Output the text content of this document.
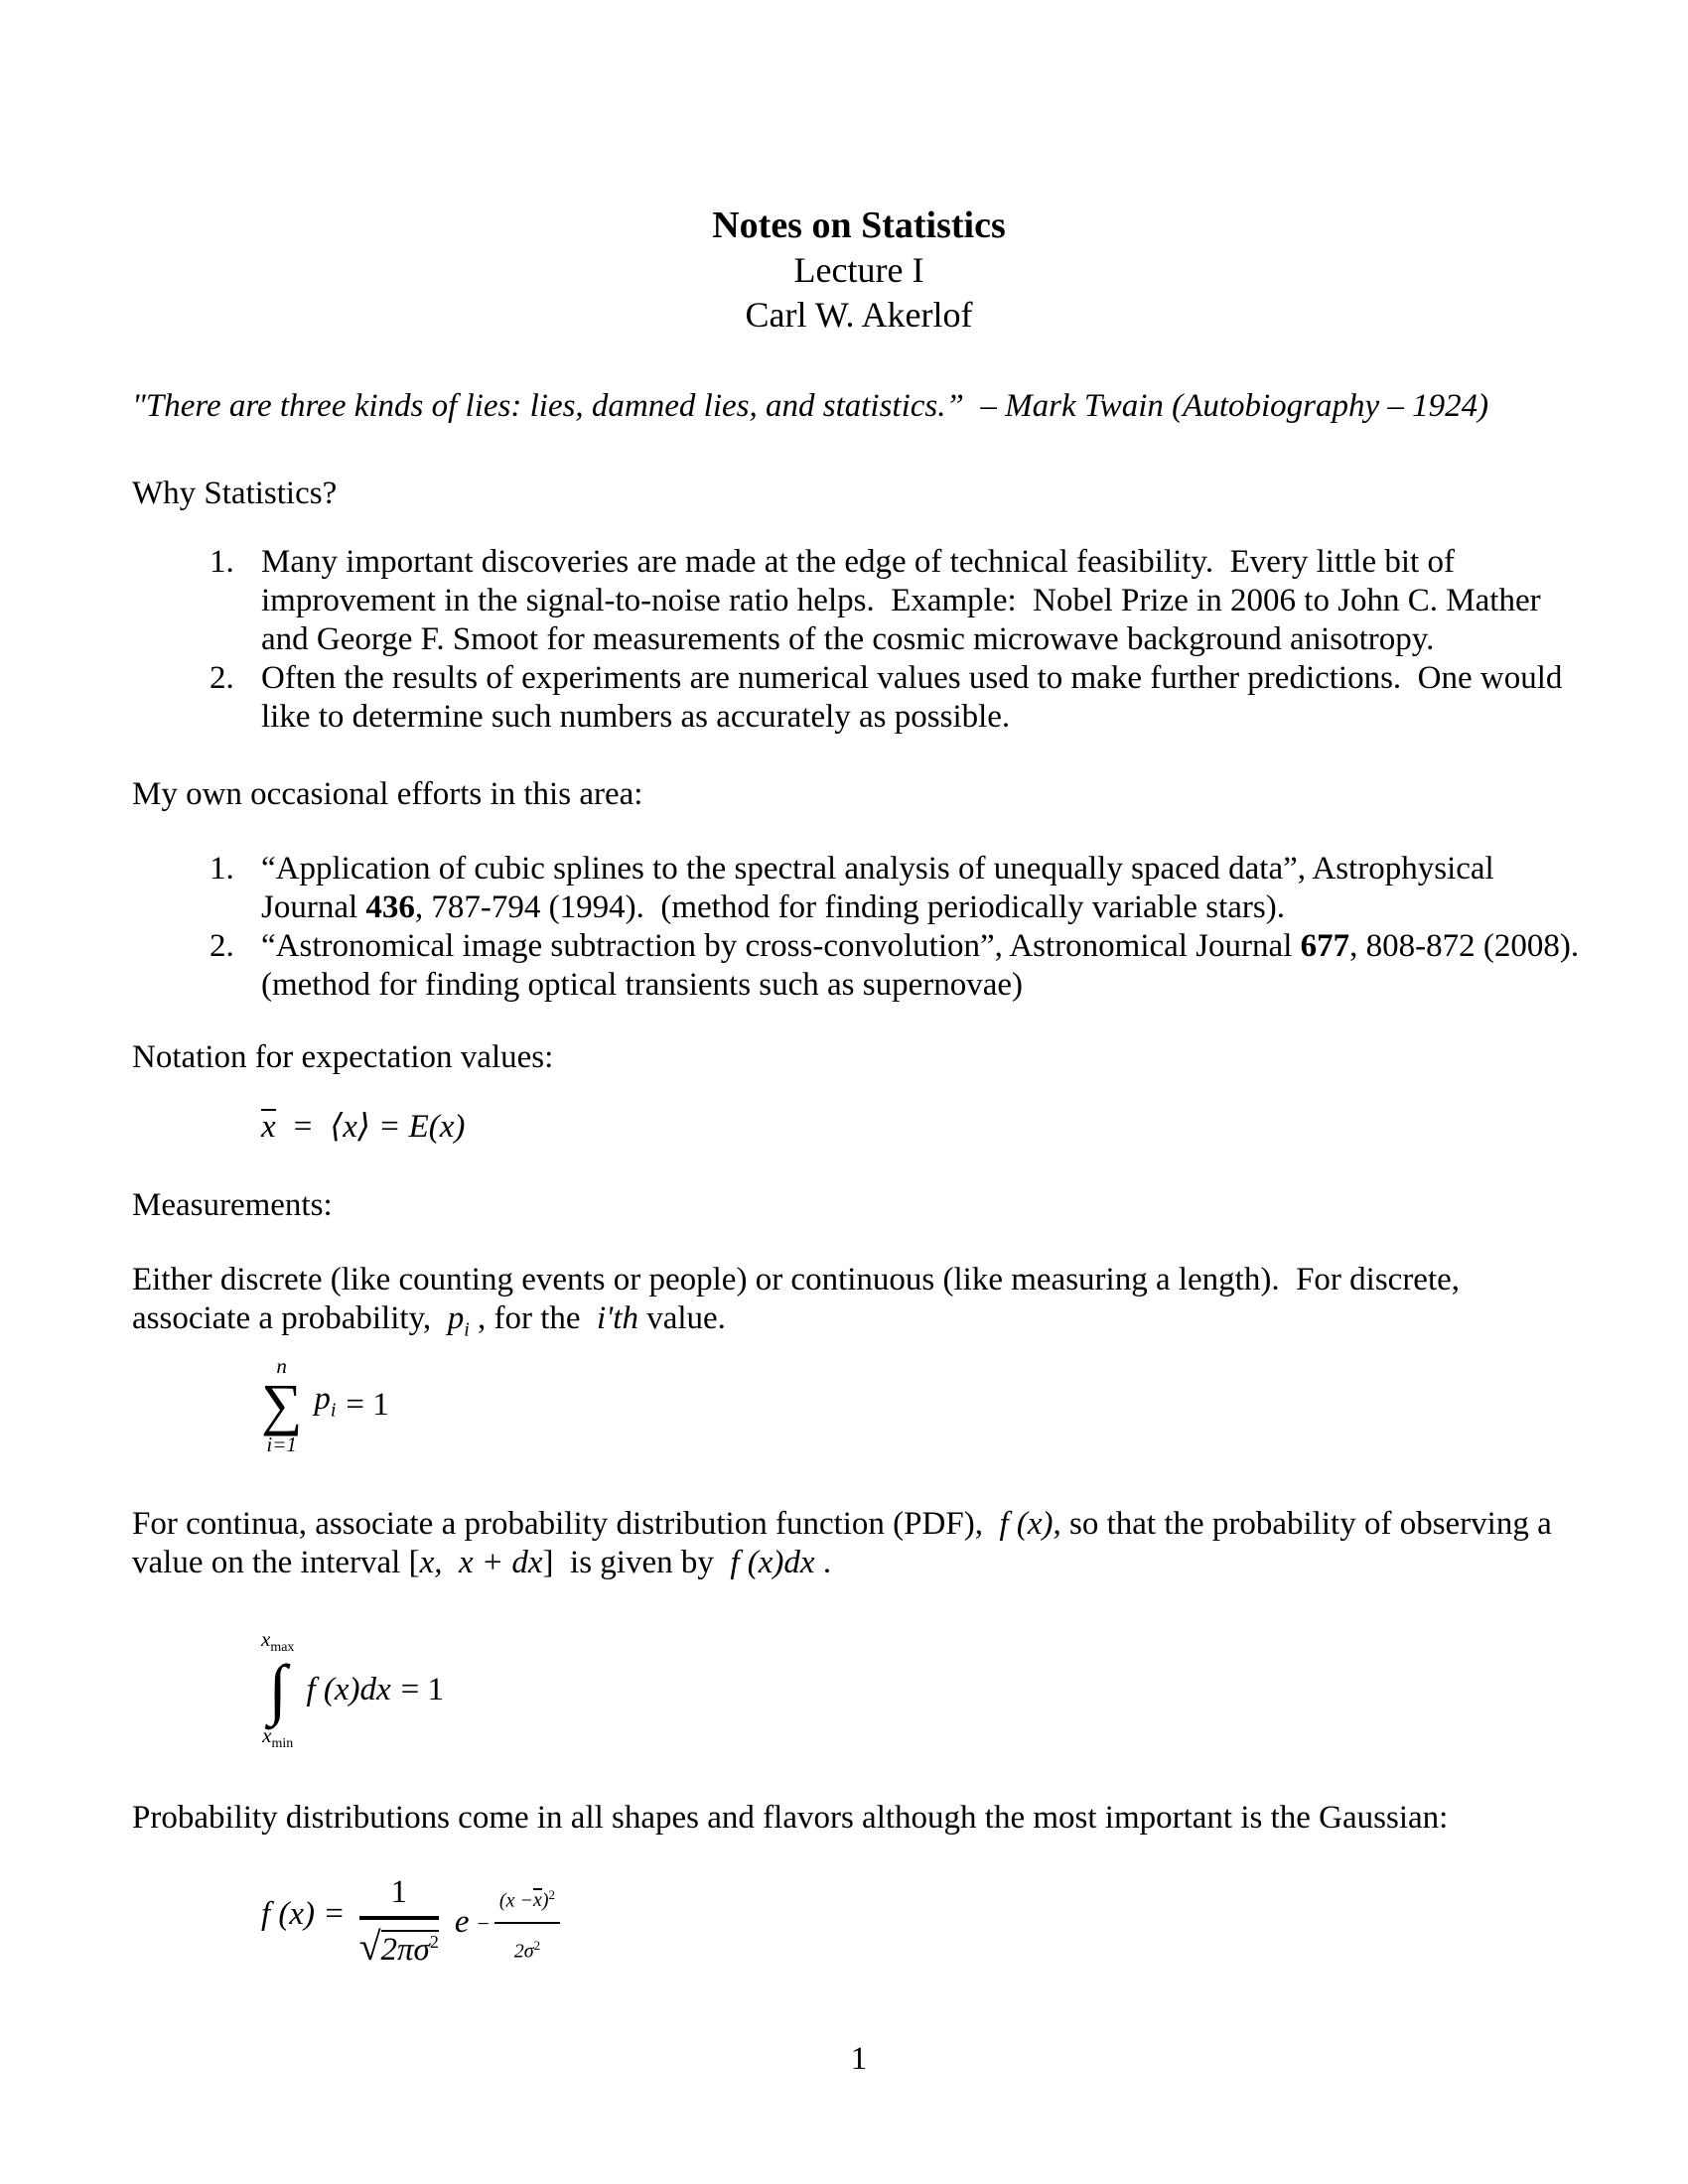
Notes on Statistics
Lecture I
Carl W. Akerlof
"There are three kinds of lies: lies, damned lies, and statistics.”  – Mark Twain (Autobiography – 1924)
Why Statistics?
1. Many important discoveries are made at the edge of technical feasibility.  Every little bit of improvement in the signal-to-noise ratio helps.  Example:  Nobel Prize in 2006 to John C. Mather and George F. Smoot for measurements of the cosmic microwave background anisotropy.
2. Often the results of experiments are numerical values used to make further predictions.  One would like to determine such numbers as accurately as possible.
My own occasional efforts in this area:
1. “Application of cubic splines to the spectral analysis of unequally spaced data”, Astrophysical Journal 436, 787-794 (1994).  (method for finding periodically variable stars).
2. “Astronomical image subtraction by cross-convolution”, Astronomical Journal 677, 808-872 (2008).  (method for finding optical transients such as supernovae)
Notation for expectation values:
x =  ⟨x⟩ = E(x)
Measurements:
Either discrete (like counting events or people) or continuous (like measuring a length).  For discrete, associate a probability,  $p_i$ , for the  i'th value.
n
∑
i=1
$p_i = 1$
For continua, associate a probability distribution function (PDF),  f (x), so that the probability of observing a value on the interval [x,  x + dx]  is given by  f (x)dx .
$x_{max}$
∫
$x_{min}$
f (x)dx = 1
Probability distributions come in all shapes and flavors although the most important is the Gaussian:
f $(x) = \frac{1}{√2\pi\sigma^2}$ $e - \frac{(x -x)^2}{2\sigma^2}$
1
